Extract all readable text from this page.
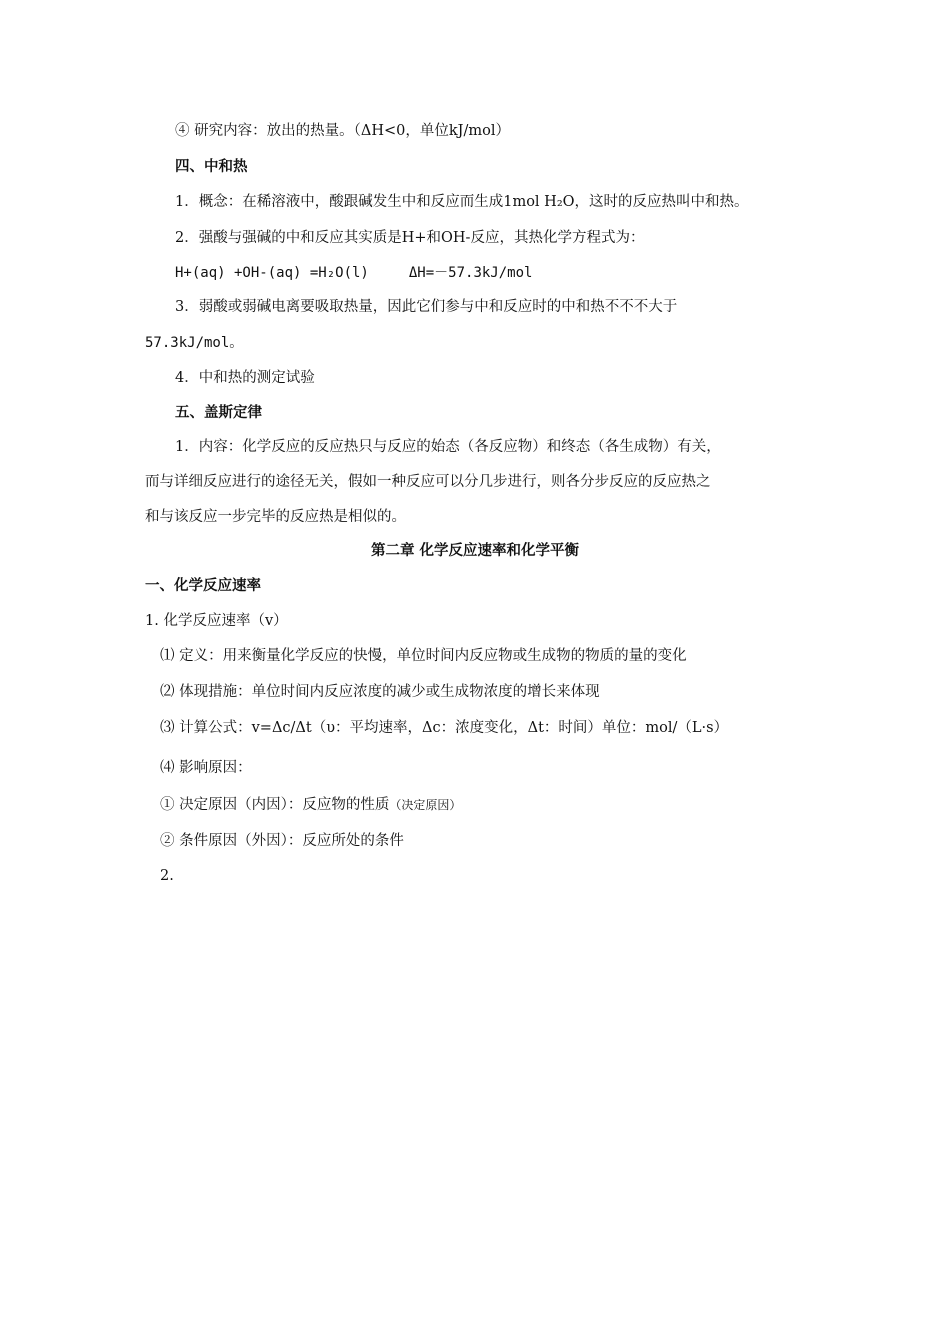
④ 研究内容：放出的热量。（ΔH<0，单位kJ/mol）
四、中和热
1．概念：在稀溶液中，酸跟碱发生中和反应而生成1mol H₂O，这时的反应热叫中和热。
2．强酸与强碱的中和反应其实质是H+和OH-反应，其热化学方程式为：
H+(aq) +OH-(aq) =H₂O(l)	ΔH=－57.3kJ/mol
3．弱酸或弱碱电离要吸取热量，因此它们参与中和反应时的中和热不不不大于
57.3kJ/mol。
4．中和热的测定试验
五、盖斯定律
1．内容：化学反应的反应热只与反应的始态（各反应物）和终态（各生成物）有关，
而与详细反应进行的途径无关，假如一种反应可以分几步进行，则各分步反应的反应热之
和与该反应一步完毕的反应热是相似的。
第二章 化学反应速率和化学平衡
一、化学反应速率
1. 化学反应速率（v）
⑴ 定义：用来衡量化学反应的快慢，单位时间内反应物或生成物的物质的量的变化
⑵ 体现措施：单位时间内反应浓度的减少或生成物浓度的增长来体现
⑶ 计算公式：v=Δc/Δt（υ：平均速率，Δc：浓度变化，Δt：时间）单位：mol/（L·s）
⑷ 影响原因：
① 决定原因（内因）：反应物的性质（决定原因）
② 条件原因（外因）：反应所处的条件
2.
